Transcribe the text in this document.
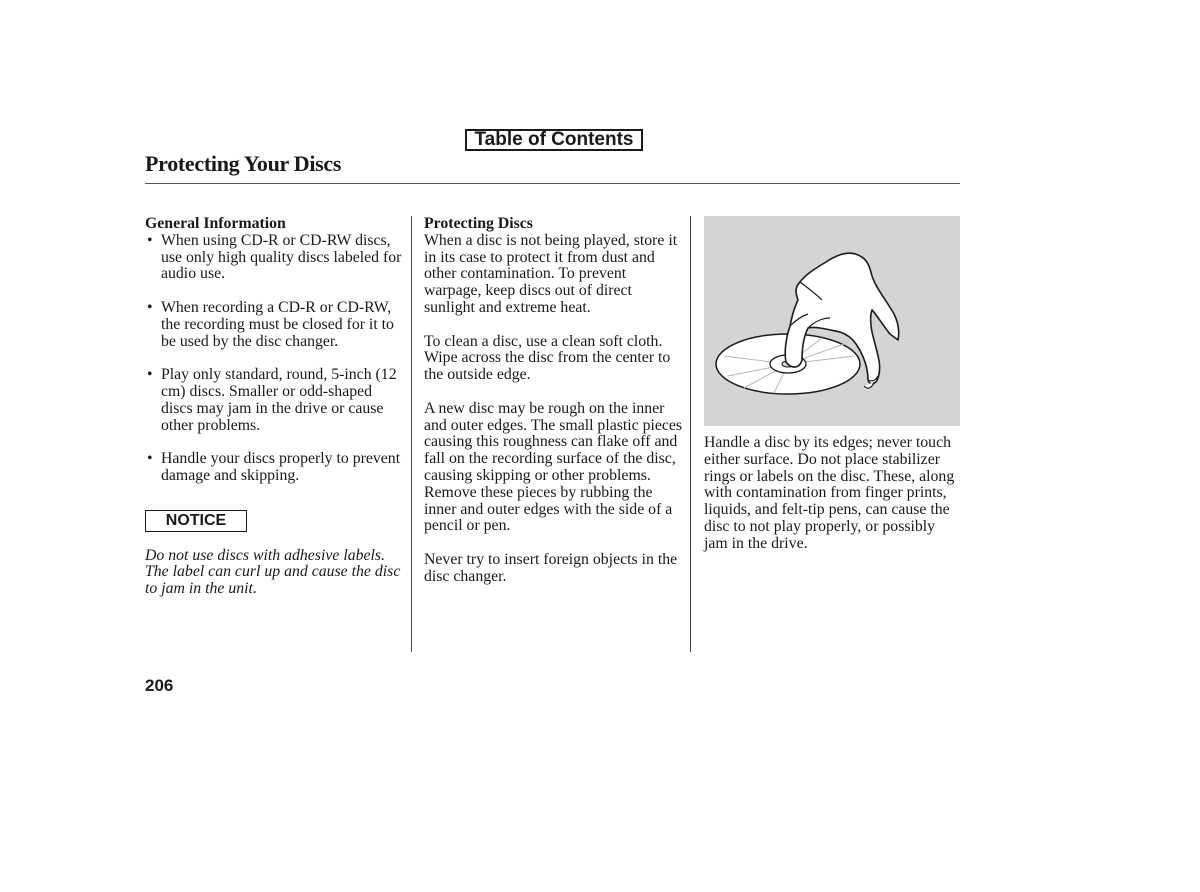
Table of Contents
Protecting Your Discs

General Information

• When using CD-R or CD-RW discs, use only high quality discs labeled for audio use.
• When recording a CD-R or CD-RW, the recording must be closed for it to be used by the disc changer.
• Play only standard, round, 5-inch (12 cm) discs. Smaller or odd-shaped discs may jam in the drive or cause other problems.
• Handle your discs properly to prevent damage and skipping.
NOTICE

Do not use discs with adhesive labels. The label can curl up and cause the disc to jam in the unit.

Protecting Discs

When a disc is not being played, store it in its case to protect it from dust and other contamination. To prevent warpage, keep discs out of direct sunlight and extreme heat.

To clean a disc, use a clean soft cloth. Wipe across the disc from the center to the outside edge.

A new disc may be rough on the inner and outer edges. The small plastic pieces causing this roughness can flake off and fall on the recording surface of the disc, causing skipping or other problems. Remove these pieces by rubbing the inner and outer edges with the side of a pencil or pen.

Never try to insert foreign objects in the disc changer.

Handle a disc by its edges; never touch either surface. Do not place stabilizer rings or labels on the disc. These, along with contamination from finger prints, liquids, and felt-tip pens, can cause the disc to not play properly, or possibly jam in the drive.
206
